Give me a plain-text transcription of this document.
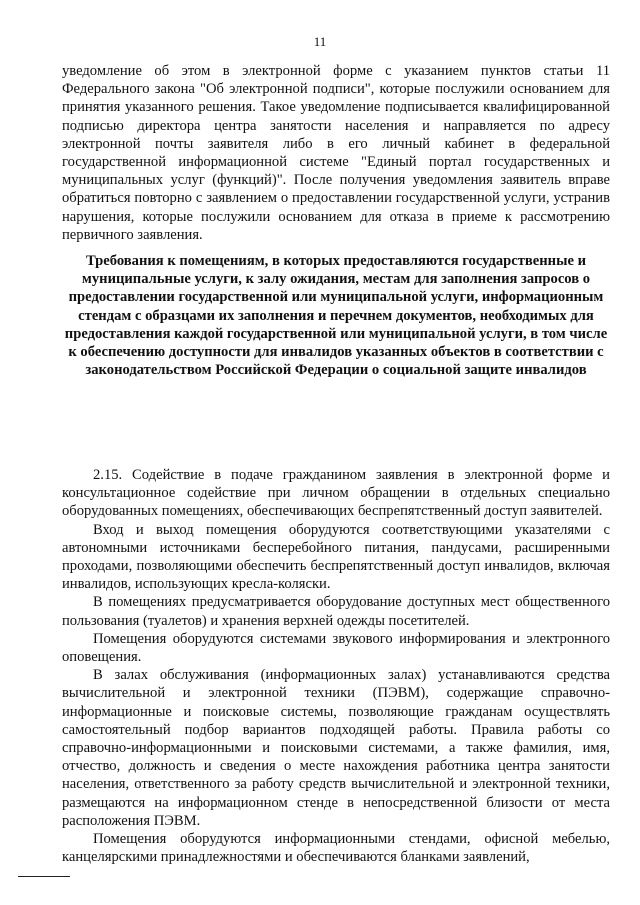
11

уведомление об этом в электронной форме с указанием пунктов статьи 11 Федерального закона "Об электронной подписи", которые послужили основанием для принятия указанного решения. Такое уведомление подписывается квалифицированной подписью директора центра занятости населения и направляется по адресу электронной почты заявителя либо в его личный кабинет в федеральной государственной информационной системе "Единый портал государственных и муниципальных услуг (функций)". После получения уведомления заявитель вправе обратиться повторно с заявлением о предоставлении государственной услуги, устранив нарушения, которые послужили основанием для отказа в приеме к рассмотрению первичного заявления.

Требования к помещениям, в которых предоставляются государственные и муниципальные услуги, к залу ожидания, местам для заполнения запросов о предоставлении государственной или муниципальной услуги, информационным стендам с образцами их заполнения и перечнем документов, необходимых для предоставления каждой государственной или муниципальной услуги, в том числе к обеспечению доступности для инвалидов указанных объектов в соответствии с законодательством Российской Федерации о социальной защите инвалидов

2.15. Содействие в подаче гражданином заявления в электронной форме и консультационное содействие при личном обращении в отдельных специально оборудованных помещениях, обеспечивающих беспрепятственный доступ заявителей.

Вход и выход помещения оборудуются соответствующими указателями с автономными источниками бесперебойного питания, пандусами, расширенными проходами, позволяющими обеспечить беспрепятственный доступ инвалидов, включая инвалидов, использующих кресла-коляски.

В помещениях предусматривается оборудование доступных мест общественного пользования (туалетов) и хранения верхней одежды посетителей.

Помещения оборудуются системами звукового информирования и электронного оповещения.

В залах обслуживания (информационных залах) устанавливаются средства вычислительной и электронной техники (ПЭВМ), содержащие справочно-информационные и поисковые системы, позволяющие гражданам осуществлять самостоятельный подбор вариантов подходящей работы. Правила работы со справочно-информационными и поисковыми системами, а также фамилия, имя, отчество, должность и сведения о месте нахождения работника центра занятости населения, ответственного за работу средств вычислительной и электронной техники, размещаются на информационном стенде в непосредственной близости от места расположения ПЭВМ.

Помещения оборудуются информационными стендами, офисной мебелью, канцелярскими принадлежностями и обеспечиваются бланками заявлений,
